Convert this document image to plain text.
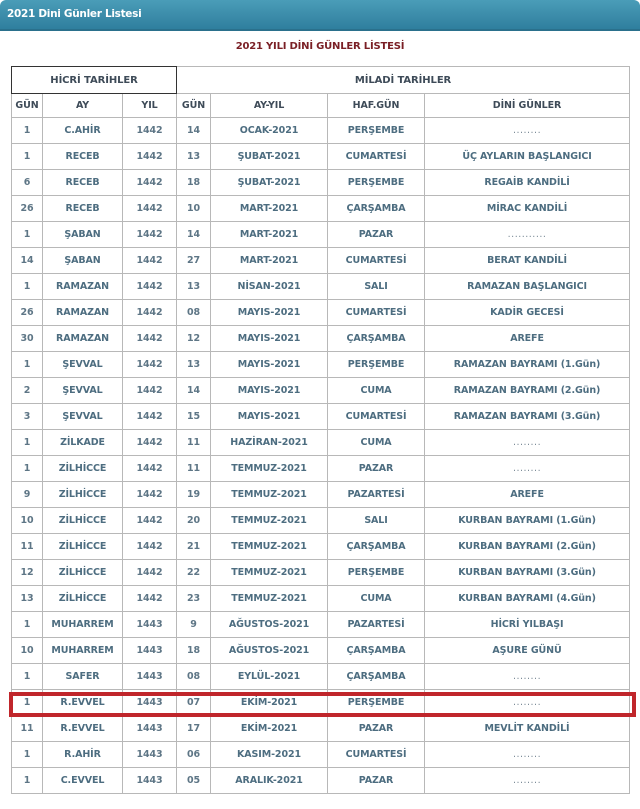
2021 Dini Günler Listesi
2021 YILI DİNİ GÜNLER LİSTESİ
HİCRİ TARİHLER			MİLADİ TARİHLER			
GÜN	AY	YIL	GÜN	AY-YIL	HAF.GÜN	DİNİ GÜNLER
1	C.AHİR	1442	14	OCAK-2021	PERŞEMBE	........
1	RECEB	1442	13	ŞUBAT-2021	CUMARTESİ	ÜÇ AYLARIN BAŞLANGICI
6	RECEB	1442	18	ŞUBAT-2021	PERŞEMBE	REGAİB KANDİLİ
26	RECEB	1442	10	MART-2021	ÇARŞAMBA	MİRAC KANDİLİ
1	ŞABAN	1442	14	MART-2021	PAZAR	...........
14	ŞABAN	1442	27	MART-2021	CUMARTESİ	BERAT KANDİLİ
1	RAMAZAN	1442	13	NİSAN-2021	SALI	RAMAZAN BAŞLANGICI
26	RAMAZAN	1442	08	MAYIS-2021	CUMARTESİ	KADİR GECESİ
30	RAMAZAN	1442	12	MAYIS-2021	ÇARŞAMBA	AREFE
1	ŞEVVAL	1442	13	MAYIS-2021	PERŞEMBE	RAMAZAN BAYRAMI (1.Gün)
2	ŞEVVAL	1442	14	MAYIS-2021	CUMA	RAMAZAN BAYRAMI (2.Gün)
3	ŞEVVAL	1442	15	MAYIS-2021	CUMARTESİ	RAMAZAN BAYRAMI (3.Gün)
1	ZİLKADE	1442	11	HAZİRAN-2021	CUMA	........
1	ZİLHİCCE	1442	11	TEMMUZ-2021	PAZAR	........
9	ZİLHİCCE	1442	19	TEMMUZ-2021	PAZARTESİ	AREFE
10	ZİLHİCCE	1442	20	TEMMUZ-2021	SALI	KURBAN BAYRAMI (1.Gün)
11	ZİLHİCCE	1442	21	TEMMUZ-2021	ÇARŞAMBA	KURBAN BAYRAMI (2.Gün)
12	ZİLHİCCE	1442	22	TEMMUZ-2021	PERŞEMBE	KURBAN BAYRAMI (3.Gün)
13	ZİLHİCCE	1442	23	TEMMUZ-2021	CUMA	KURBAN BAYRAMI (4.Gün)
1	MUHARREM	1443	9	AĞUSTOS-2021	PAZARTESİ	HİCRİ YILBAŞI
10	MUHARREM	1443	18	AĞUSTOS-2021	ÇARŞAMBA	AŞURE GÜNÜ
1	SAFER	1443	08	EYLÜL-2021	ÇARŞAMBA	........
1	R.EVVEL	1443	07	EKİM-2021	PERŞEMBE	........
11	R.EVVEL	1443	17	EKİM-2021	PAZAR	MEVLİT KANDİLİ
1	R.AHİR	1443	06	KASIM-2021	CUMARTESİ	........
1	C.EVVEL	1443	05	ARALIK-2021	PAZAR	........
